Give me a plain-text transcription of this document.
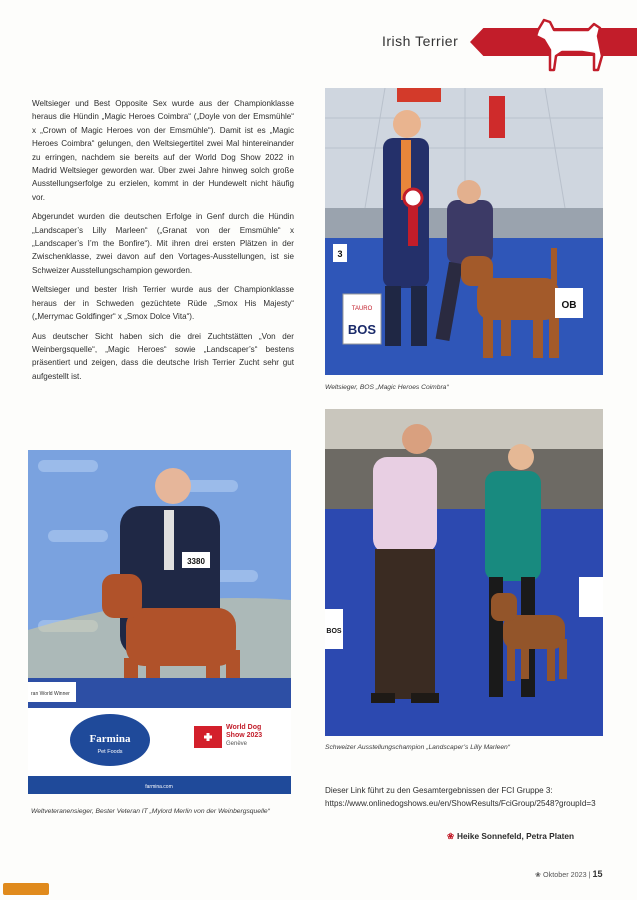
Irish Terrier

Weltsieger und Best Opposite Sex wurde aus der Championklasse heraus die Hündin „Magic Heroes Coimbra“ („Doyle von der Emsmühle“ x „Crown of Magic Heroes von der Emsmühle“). Damit ist es „Magic Heroes Coimbra“ gelungen, den Weltsiegertitel zwei Mal hintereinander zu erringen, nachdem sie bereits auf der World Dog Show 2022 in Madrid Weltsieger geworden war. Über zwei Jahre hinweg solch große Ausstellungserfolge zu erzielen, kommt in der Hundewelt nicht häufig vor.

Abgerundet wurden die deutschen Erfolge in Genf durch die Hündin „Landscaper’s Lilly Marleen“ („Granat von der Emsmühle“ x „Landscaper’s I’m the Bonfire“). Mit ihren drei ersten Plätzen in der Zwischenklasse, zwei davon auf den Vortages-Ausstellungen, ist sie Schweizer Ausstellungschampion geworden.

Weltsieger und bester Irish Terrier wurde aus der Championklasse heraus der in Schweden gezüchtete Rüde „Smox His Majesty“ („Merrymac Goldfinger“ x „Smox Dolce Vita“).

Aus deutscher Sicht haben sich die drei Zuchtstätten „Von der Weinbergsquelle“, „Magic Heroes“ sowie „Landscaper’s“ bestens präsentiert und zeigen, dass die deutsche Irish Terrier Zucht sehr gut aufgestellt ist.

TAURO
BOS
OB
3
Weltsieger, BOS „Magic Heroes Coimbra“
BOS
Schweizer Ausstellungschampion „Landscaper’s Lilly Marleen“
3380
ran World Winner
Farmina
Pet Foods
World Dog
Show 2023
Genève
farmina.com
Weltveteranensieger, Bester Veteran IT „Mylord Merlin von der Weinbergsquelle“
Dieser Link führt zu den Gesamtergebnissen der FCI Gruppe 3: https://www.onlinedogshows.eu/en/ShowResults/FciGroup/2548?groupId=3
❀ Heike Sonnefeld, Petra Platen
❀ Oktober 2023 | 15
